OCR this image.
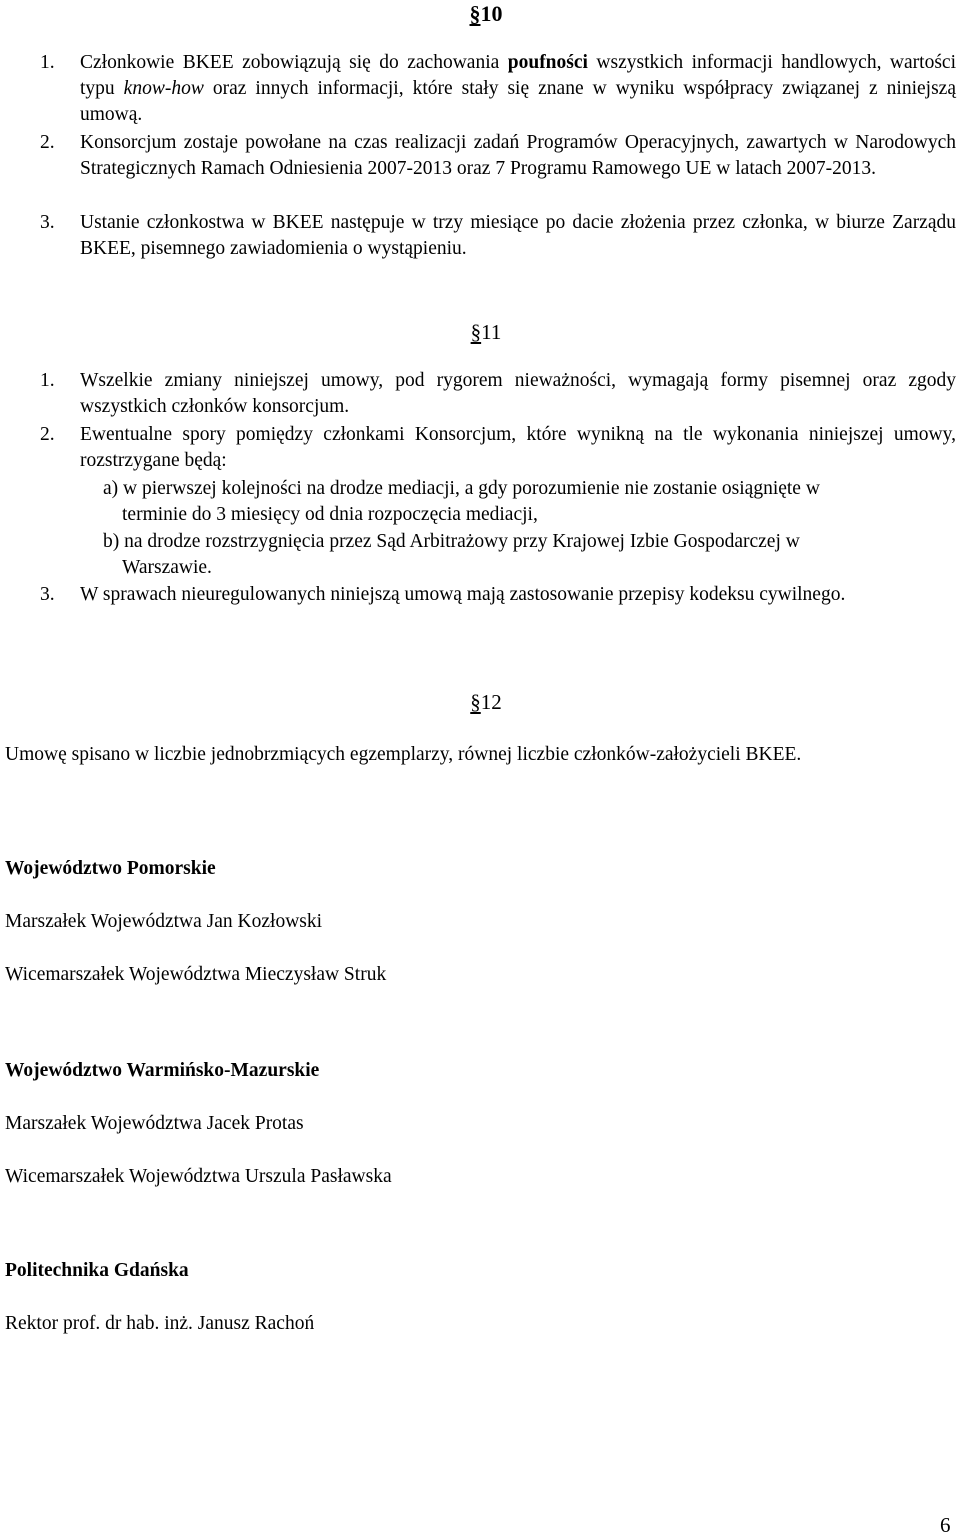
§10
1.	Członkowie BKEE zobowiązują się do zachowania poufności wszystkich informacji handlowych, wartości typu know-how oraz innych informacji, które stały się znane w wyniku współpracy związanej z niniejszą umową.
2.	Konsorcjum zostaje powołane na czas realizacji zadań Programów Operacyjnych, zawartych w Narodowych Strategicznych Ramach Odniesienia 2007-2013 oraz 7 Programu Ramowego UE w latach 2007-2013.
3.	Ustanie członkostwa w BKEE następuje w trzy miesiące po dacie złożenia przez członka, w biurze Zarządu BKEE, pisemnego zawiadomienia o wystąpieniu.
§11
1.	Wszelkie zmiany niniejszej umowy, pod rygorem nieważności, wymagają formy pisemnej oraz zgody wszystkich członków konsorcjum.
2.	Ewentualne spory pomiędzy członkami Konsorcjum, które wynikną na tle wykonania niniejszej umowy, rozstrzygane będą:
a) w pierwszej kolejności na drodze mediacji, a gdy porozumienie nie zostanie osiągnięte w
terminie do 3 miesięcy od dnia rozpoczęcia mediacji,
b) na drodze rozstrzygnięcia przez Sąd Arbitrażowy przy Krajowej Izbie Gospodarczej w
Warszawie.
3.	W sprawach nieuregulowanych niniejszą umową mają zastosowanie przepisy kodeksu cywilnego.
§12
Umowę spisano w liczbie jednobrzmiących egzemplarzy, równej liczbie członków-założycieli BKEE.
Województwo Pomorskie
Marszałek Województwa Jan Kozłowski
Wicemarszałek Województwa Mieczysław Struk
Województwo Warmińsko-Mazurskie
Marszałek Województwa Jacek Protas
Wicemarszałek Województwa Urszula Pasławska
Politechnika Gdańska
Rektor prof. dr hab. inż. Janusz Rachoń
6
